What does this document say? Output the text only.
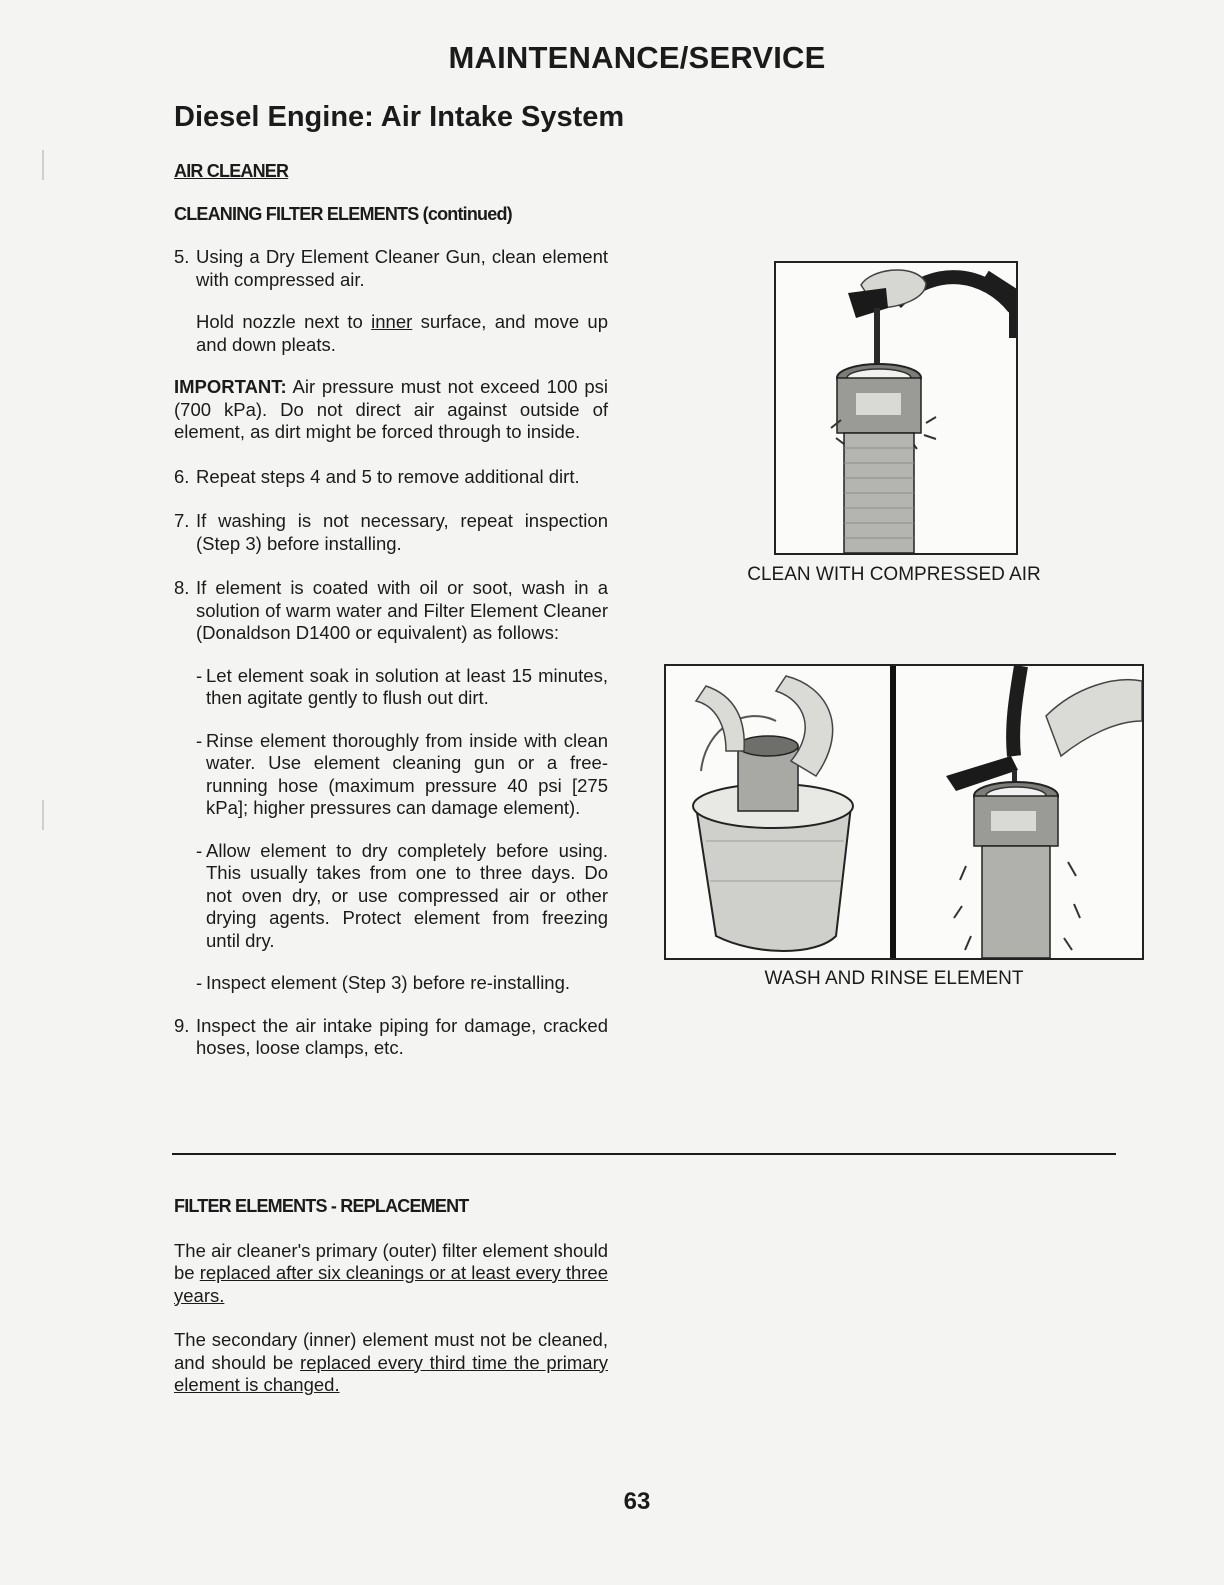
MAINTENANCE/SERVICE
Diesel Engine: Air Intake System
AIR CLEANER
CLEANING FILTER ELEMENTS (continued)
5. Using a Dry Element Cleaner Gun, clean element with compressed air.

Hold nozzle next to inner surface, and move up and down pleats.

IMPORTANT: Air pressure must not exceed 100 psi (700 kPa). Do not direct air against outside of element, as dirt might be forced through to inside.

6. Repeat steps 4 and 5 to remove additional dirt.
7. If washing is not necessary, repeat inspection (Step 3) before installing.
8. If element is coated with oil or soot, wash in a solution of warm water and Filter Element Cleaner (Donaldson D1400 or equivalent) as follows:
- Let element soak in solution at least 15 minutes, then agitate gently to flush out dirt.
- Rinse element thoroughly from inside with clean water. Use element cleaning gun or a free-running hose (maximum pressure 40 psi [275 kPa]; higher pressures can damage element).
- Allow element to dry completely before using. This usually takes from one to three days. Do not oven dry, or use compressed air or other drying agents. Protect element from freezing until dry.
- Inspect element (Step 3) before re-installing.
9. Inspect the air intake piping for damage, cracked hoses, loose clamps, etc.
CLEAN WITH COMPRESSED AIR
WASH AND RINSE ELEMENT
FILTER ELEMENTS - REPLACEMENT

The air cleaner's primary (outer) filter element should be replaced after six cleanings or at least every three years.

The secondary (inner) element must not be cleaned, and should be replaced every third time the primary element is changed.

63
